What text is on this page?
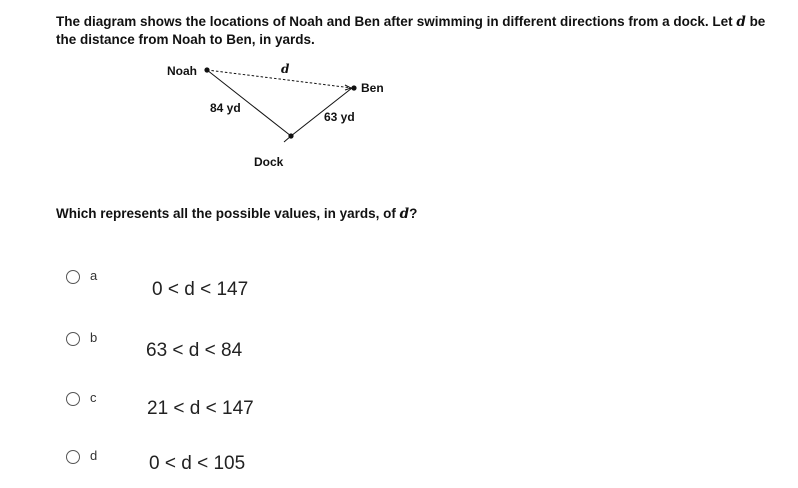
The diagram shows the locations of Noah and Ben after swimming in different directions from a dock. Let d be the distance from Noah to Ben, in yards.
Noah
Ben
Dock
d
84 yd
63 yd
Which represents all the possible values, in yards, of d?
a
0 < d < 147
b
63 < d < 84
c
21 < d < 147
d	0 < d < 105
